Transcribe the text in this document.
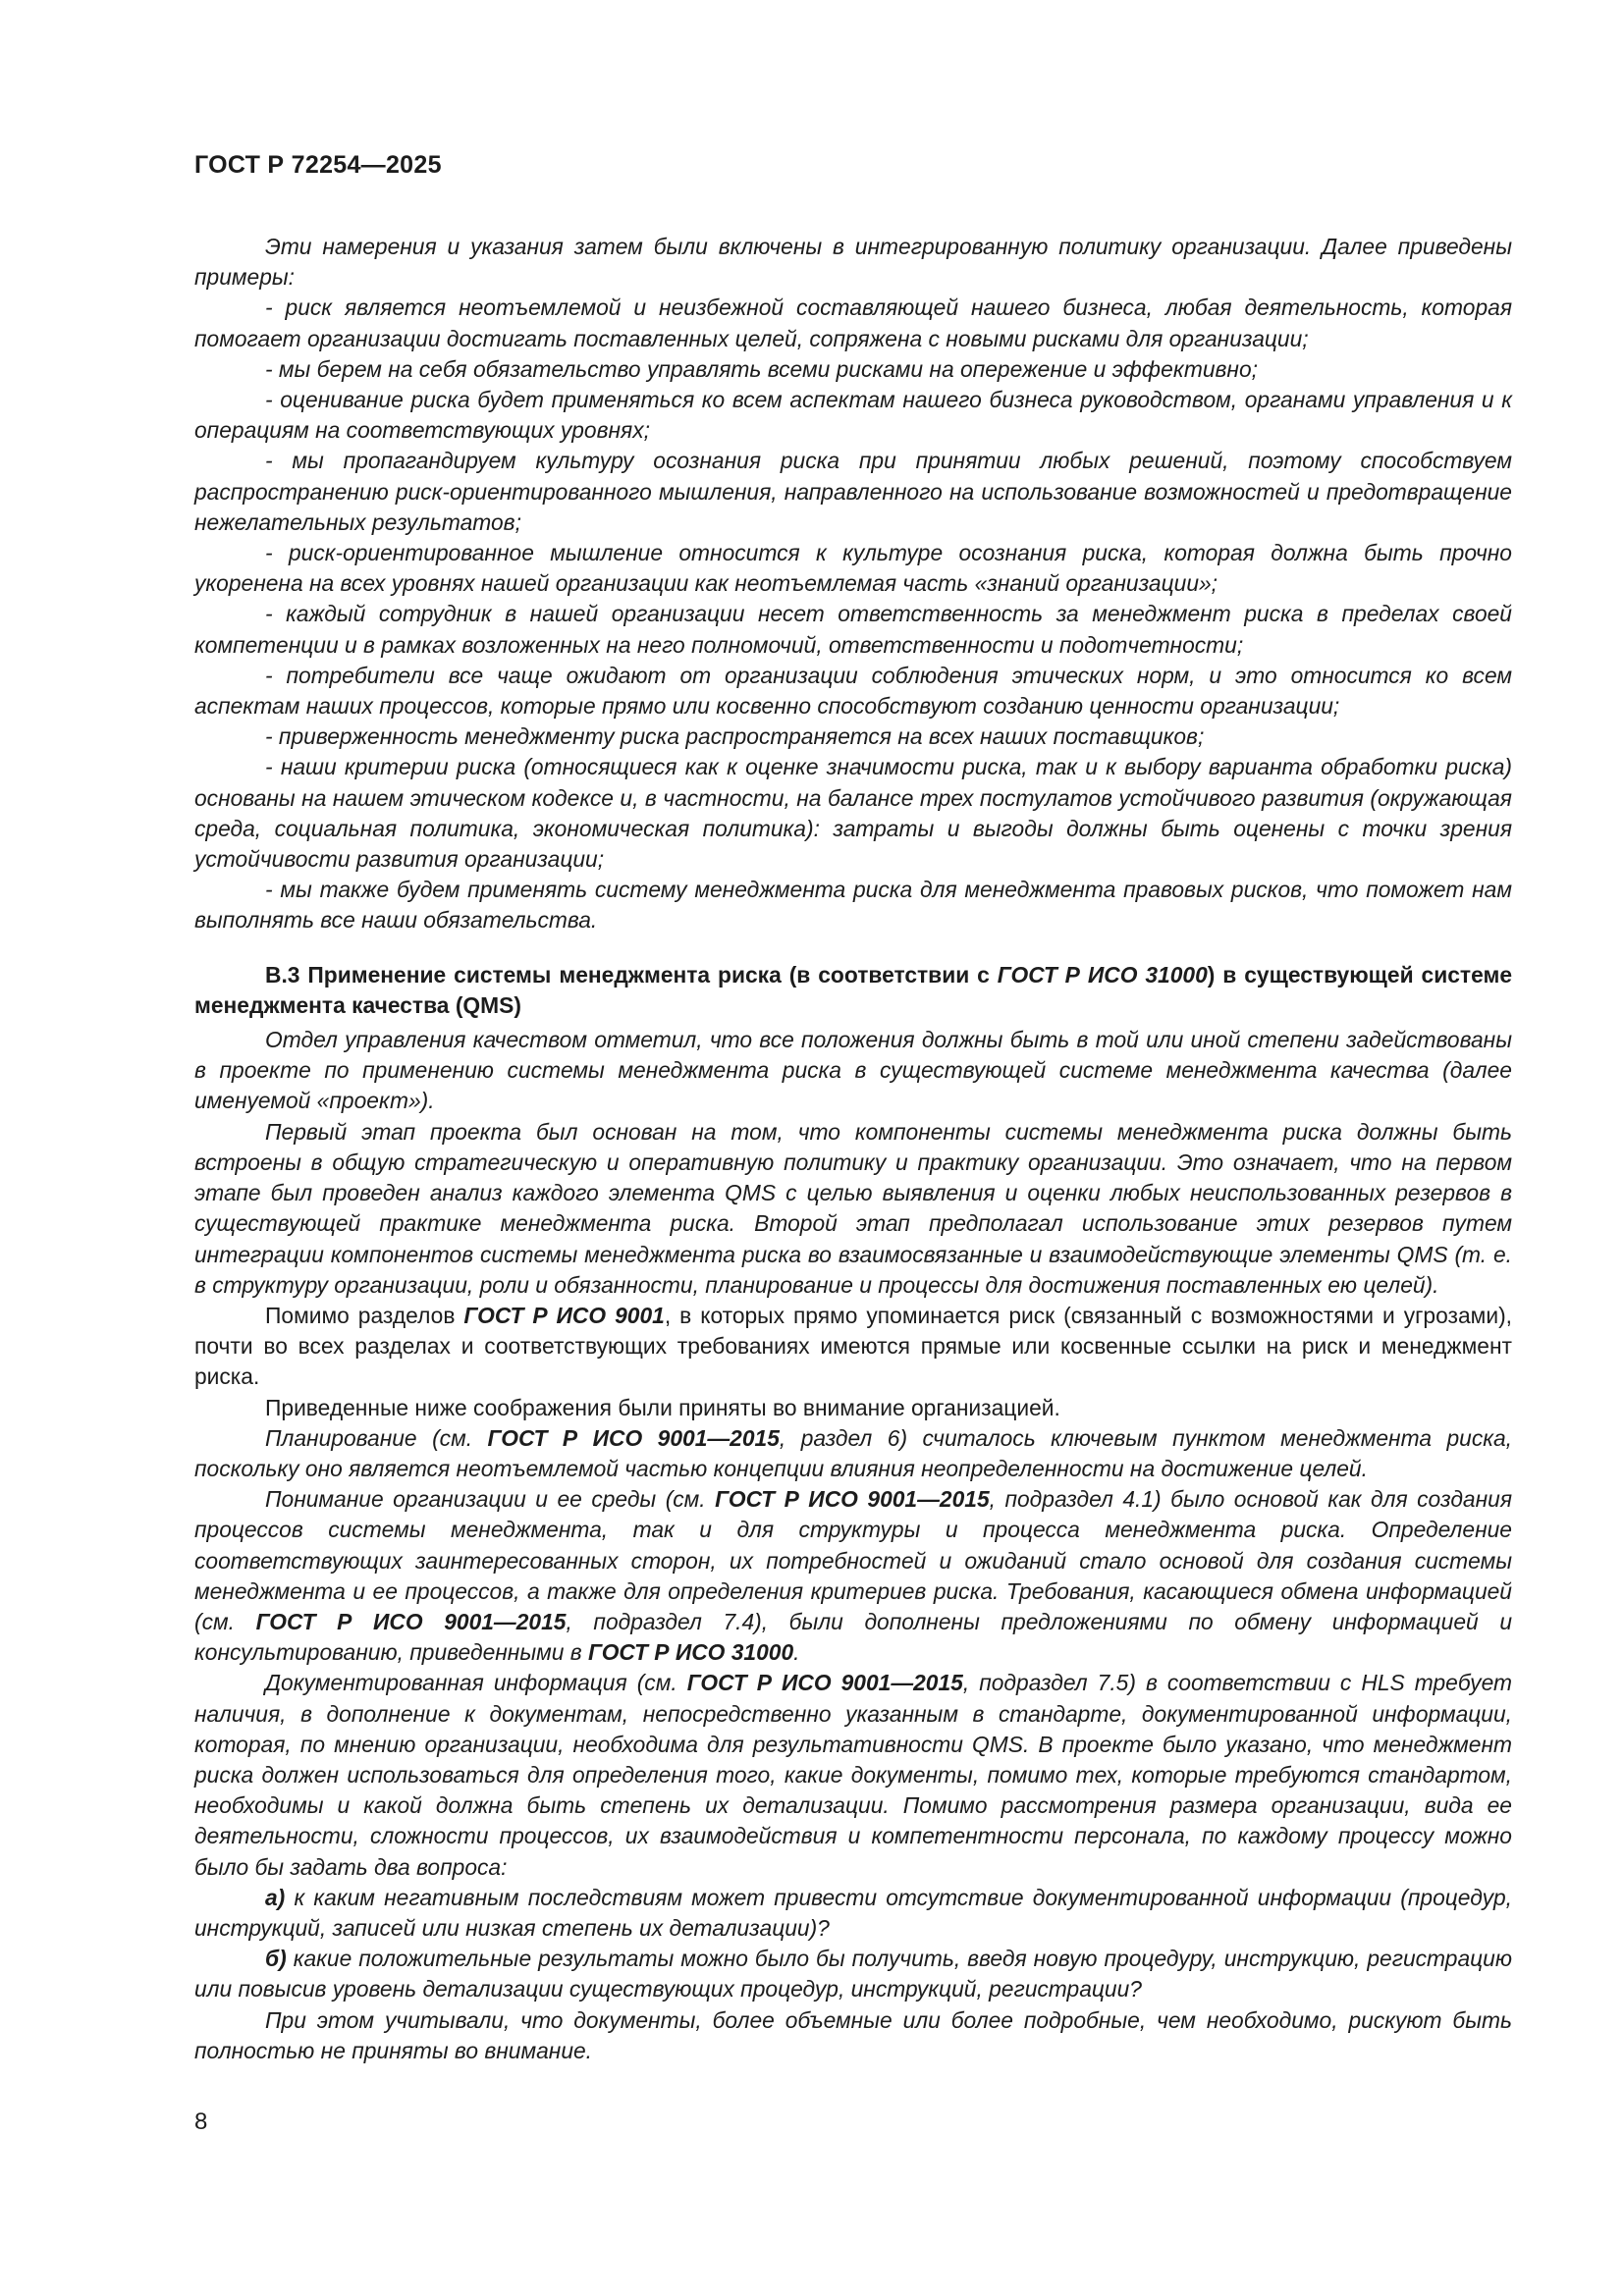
ГОСТ Р 72254—2025

Эти намерения и указания затем были включены в интегрированную политику организации. Далее приведены примеры:

- риск является неотъемлемой и неизбежной составляющей нашего бизнеса, любая деятельность, которая помогает организации достигать поставленных целей, сопряжена с новыми рисками для организации;

- мы берем на себя обязательство управлять всеми рисками на опережение и эффективно;

- оценивание риска будет применяться ко всем аспектам нашего бизнеса руководством, органами управления и к операциям на соответствующих уровнях;

- мы пропагандируем культуру осознания риска при принятии любых решений, поэтому способствуем распространению риск-ориентированного мышления, направленного на использование возможностей и предотвращение нежелательных результатов;

- риск-ориентированное мышление относится к культуре осознания риска, которая должна быть прочно укоренена на всех уровнях нашей организации как неотъемлемая часть «знаний организации»;

- каждый сотрудник в нашей организации несет ответственность за менеджмент риска в пределах своей компетенции и в рамках возложенных на него полномочий, ответственности и подотчетности;

- потребители все чаще ожидают от организации соблюдения этических норм, и это относится ко всем аспектам наших процессов, которые прямо или косвенно способствуют созданию ценности организации;

- приверженность менеджменту риска распространяется на всех наших поставщиков;

- наши критерии риска (относящиеся как к оценке значимости риска, так и к выбору варианта обработки риска) основаны на нашем этическом кодексе и, в частности, на балансе трех постулатов устойчивого развития (окружающая среда, социальная политика, экономическая политика): затраты и выгоды должны быть оценены с точки зрения устойчивости развития организации;

- мы также будем применять систему менеджмента риска для менеджмента правовых рисков, что поможет нам выполнять все наши обязательства.

В.3 Применение системы менеджмента риска (в соответствии с ГОСТ Р ИСО 31000) в существующей системе менеджмента качества (QMS)

Отдел управления качеством отметил, что все положения должны быть в той или иной степени задействованы в проекте по применению системы менеджмента риска в существующей системе менеджмента качества (далее именуемой «проект»).

Первый этап проекта был основан на том, что компоненты системы менеджмента риска должны быть встроены в общую стратегическую и оперативную политику и практику организации. Это означает, что на первом этапе был проведен анализ каждого элемента QMS с целью выявления и оценки любых неиспользованных резервов в существующей практике менеджмента риска. Второй этап предполагал использование этих резервов путем интеграции компонентов системы менеджмента риска во взаимосвязанные и взаимодействующие элементы QMS (т. е. в структуру организации, роли и обязанности, планирование и процессы для достижения поставленных ею целей).

Помимо разделов ГОСТ Р ИСО 9001, в которых прямо упоминается риск (связанный с возможностями и угрозами), почти во всех разделах и соответствующих требованиях имеются прямые или косвенные ссылки на риск и менеджмент риска.

Приведенные ниже соображения были приняты во внимание организацией.

Планирование (см. ГОСТ Р ИСО 9001—2015, раздел 6) считалось ключевым пунктом менеджмента риска, поскольку оно является неотъемлемой частью концепции влияния неопределенности на достижение целей.

Понимание организации и ее среды (см. ГОСТ Р ИСО 9001—2015, подраздел 4.1) было основой как для создания процессов системы менеджмента, так и для структуры и процесса менеджмента риска. Определение соответствующих заинтересованных сторон, их потребностей и ожиданий стало основой для создания системы менеджмента и ее процессов, а также для определения критериев риска. Требования, касающиеся обмена информацией (см. ГОСТ Р ИСО 9001—2015, подраздел 7.4), были дополнены предложениями по обмену информацией и консультированию, приведенными в ГОСТ Р ИСО 31000.

Документированная информация (см. ГОСТ Р ИСО 9001—2015, подраздел 7.5) в соответствии с HLS требует наличия, в дополнение к документам, непосредственно указанным в стандарте, документированной информации, которая, по мнению организации, необходима для результативности QMS. В проекте было указано, что менеджмент риска должен использоваться для определения того, какие документы, помимо тех, которые требуются стандартом, необходимы и какой должна быть степень их детализации. Помимо рассмотрения размера организации, вида ее деятельности, сложности процессов, их взаимодействия и компетентности персонала, по каждому процессу можно было бы задать два вопроса:

а) к каким негативным последствиям может привести отсутствие документированной информации (процедур, инструкций, записей или низкая степень их детализации)?

б) какие положительные результаты можно было бы получить, введя новую процедуру, инструкцию, регистрацию или повысив уровень детализации существующих процедур, инструкций, регистрации?

При этом учитывали, что документы, более объемные или более подробные, чем необходимо, рискуют быть полностью не приняты во внимание.

8
